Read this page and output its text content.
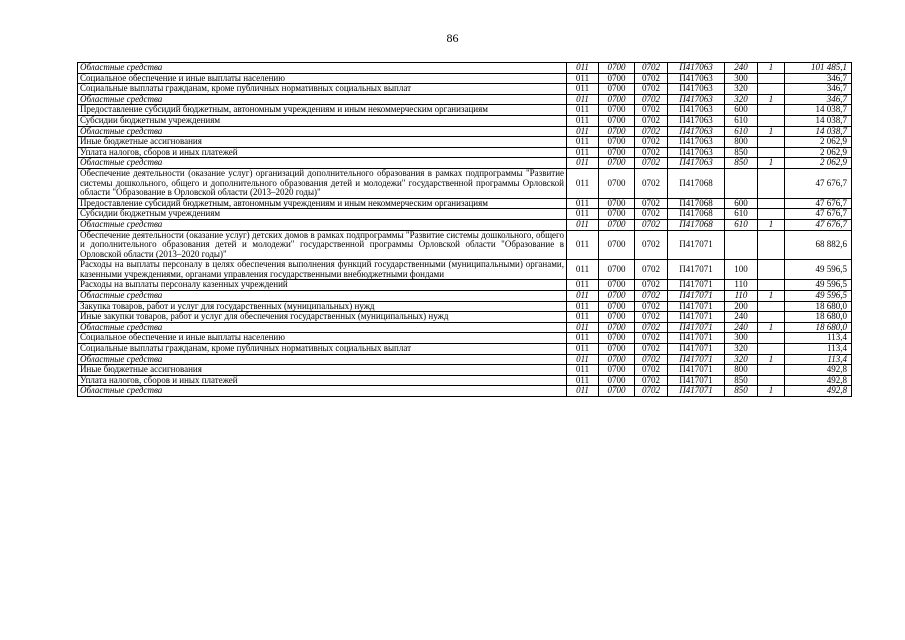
86
Областные средства	011	0700	0702	П417063	240	1	101 485,1
Социальное обеспечение и иные выплаты населению	011	0700	0702	П417063	300		346,7
Социальные выплаты гражданам, кроме публичных нормативных социальных выплат	011	0700	0702	П417063	320		346,7
Областные средства	011	0700	0702	П417063	320	1	346,7
Предоставление субсидий бюджетным, автономным учреждениям и иным некоммерческим организациям	011	0700	0702	П417063	600		14 038,7
Субсидии бюджетным учреждениям	011	0700	0702	П417063	610		14 038,7
Областные средства	011	0700	0702	П417063	610	1	14 038,7
Иные бюджетные ассигнования	011	0700	0702	П417063	800		2 062,9
Уплата налогов, сборов и иных платежей	011	0700	0702	П417063	850		2 062,9
Областные средства	011	0700	0702	П417063	850	1	2 062,9
Обеспечение деятельности (оказание услуг) организаций дополнительного образования в рамках подпрограммы "Развитие системы дошкольного, общего и дополнительного образования детей и молодежи" государственной программы Орловской области "Образование в Орловской области (2013–2020 годы)"	011	0700	0702	П417068			47 676,7
Предоставление субсидий бюджетным, автономным учреждениям и иным некоммерческим организациям	011	0700	0702	П417068	600		47 676,7
Субсидии бюджетным учреждениям	011	0700	0702	П417068	610		47 676,7
Областные средства	011	0700	0702	П417068	610	1	47 676,7
Обеспечение деятельности (оказание услуг) детских домов в рамках подпрограммы "Развитие системы дошкольного, общего и дополнительного образования детей и молодежи" государственной программы Орловской области "Образование в Орловской области (2013–2020 годы)"	011	0700	0702	П417071			68 882,6
Расходы на выплаты персоналу в целях обеспечения выполнения функций государственными (муниципальными) органами, казенными учреждениями, органами управления государственными внебюджетными фондами	011	0700	0702	П417071	100		49 596,5
Расходы на выплаты персоналу казенных учреждений	011	0700	0702	П417071	110		49 596,5
Областные средства	011	0700	0702	П417071	110	1	49 596,5
Закупка товаров, работ и услуг для государственных (муниципальных) нужд	011	0700	0702	П417071	200		18 680,0
Иные закупки товаров, работ и услуг для обеспечения государственных (муниципальных) нужд	011	0700	0702	П417071	240		18 680,0
Областные средства	011	0700	0702	П417071	240	1	18 680,0
Социальное обеспечение и иные выплаты населению	011	0700	0702	П417071	300		113,4
Социальные выплаты гражданам, кроме публичных нормативных социальных выплат	011	0700	0702	П417071	320		113,4
Областные средства	011	0700	0702	П417071	320	1	113,4
Иные бюджетные ассигнования	011	0700	0702	П417071	800		492,8
Уплата налогов, сборов и иных платежей	011	0700	0702	П417071	850		492,8
Областные средства	011	0700	0702	П417071	850	1	492,8
